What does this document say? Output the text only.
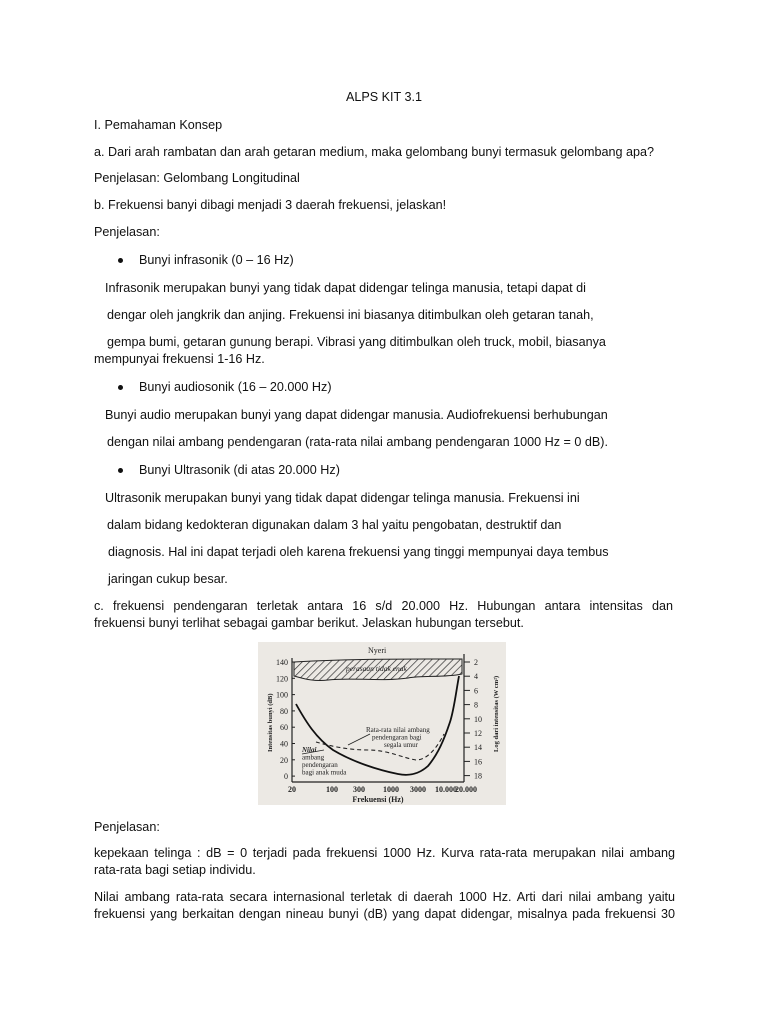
ALPS KIT 3.1
I. Pemahaman Konsep
a. Dari arah rambatan dan arah getaran medium, maka gelombang bunyi termasuk gelombang apa?
Penjelasan: Gelombang Longitudinal
b. Frekuensi banyi dibagi menjadi 3 daerah frekuensi, jelaskan!
Penjelasan:
Bunyi infrasonik (0 – 16 Hz)
Infrasonik merupakan bunyi yang tidak dapat didengar telinga manusia, tetapi dapat di
dengar oleh jangkrik dan anjing. Frekuensi ini biasanya ditimbulkan oleh getaran tanah,
gempa bumi, getaran gunung berapi. Vibrasi yang ditimbulkan oleh truck, mobil, biasanya
mempunyai frekuensi 1-16 Hz.
Bunyi audiosonik (16 – 20.000 Hz)
Bunyi audio merupakan bunyi yang dapat didengar manusia. Audiofrekuensi berhubungan
dengan nilai ambang pendengaran (rata-rata nilai ambang pendengaran 1000 Hz = 0 dB).
Bunyi Ultrasonik (di atas 20.000 Hz)
Ultrasonik merupakan bunyi yang tidak dapat didengar telinga manusia. Frekuensi ini
dalam bidang kedokteran digunakan dalam 3 hal yaitu pengobatan, destruktif dan
diagnosis. Hal ini dapat terjadi oleh karena frekuensi yang tinggi mempunyai daya tembus
jaringan cukup besar.
c. frekuensi pendengaran terletak antara 16 s/d 20.000 Hz. Hubungan antara intensitas dan
frekuensi bunyi terlihat sebagai gambar berikut. Jelaskan hubungan tersebut.
140
120
100
80
60
40
20
0
2
4
6
8
10
12
14
16
18
20	100 300 1000 3000 10.000
20.000
Frekuensi (Hz)
Intensitas bunyi (dB)	Log dari intensitas (W cm²)
Nyeri
perasaan tidak enak
Rata-rata nilai ambang
pendengaran bagi
segala umur
Nilai
ambang
pendengaran
bagi anak muda
Penjelasan:
kepekaan telinga : dB = 0 terjadi pada frekuensi 1000 Hz. Kurva rata-rata merupakan nilai ambang
rata-rata bagi setiap individu.
Nilai ambang rata-rata secara internasional terletak di daerah 1000 Hz. Arti dari nilai ambang yaitu
frekuensi yang berkaitan dengan nineau bunyi (dB) yang dapat didengar, misalnya pada frekuensi 30
